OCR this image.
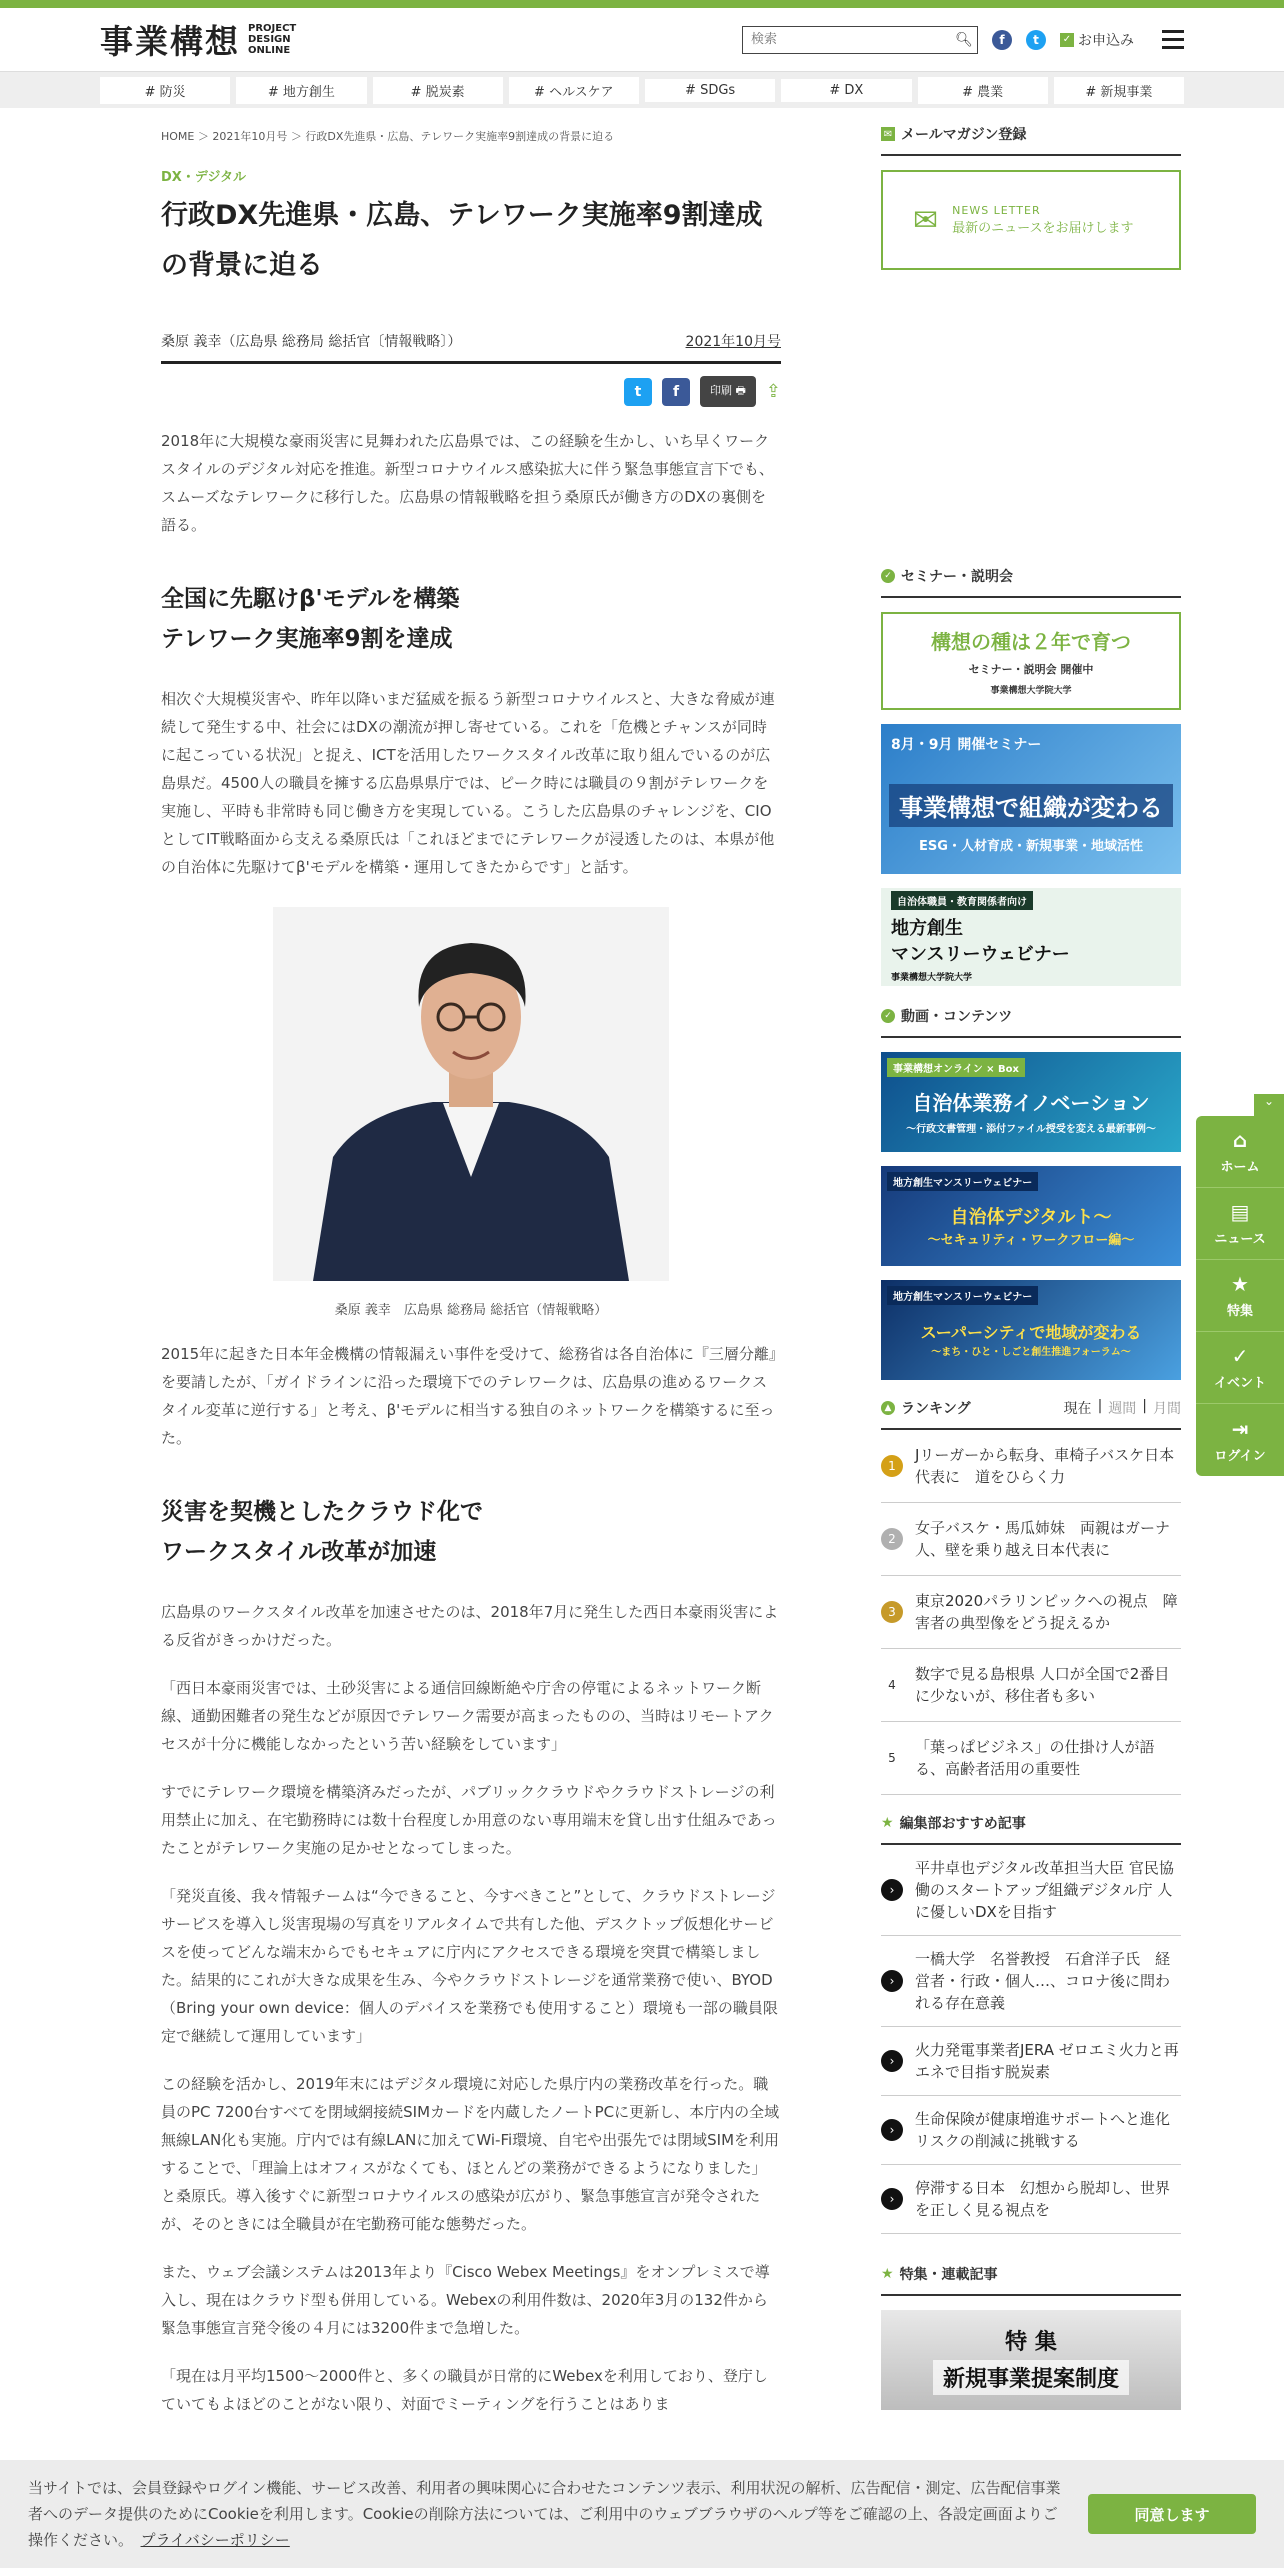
事業構想 PROJECT
DESIGN
ONLINE
検索
🔍︎	f	t	✓ お申込み
# 防災	# 地方創生	# 脱炭素	# ヘルスケア	# SDGs	# DX	# 農業	# 新規事業
HOME ＞ 2021年10月号 ＞ 行政DX先進県・広島、テレワーク実施率9割達成の背景に迫る
DX・デジタル
行政DX先進県・広島、テレワーク実施率9割達成の背景に迫る
桑原 義幸（広島県 総務局 総括官〔情報戦略〕）	2021年10月号
t	f	印刷 🖶	⇪

2018年に大規模な豪雨災害に見舞われた広島県では、この経験を生かし、いち早くワークスタイルのデジタル対応を推進。新型コロナウイルス感染拡大に伴う緊急事態宣言下でも、スムーズなテレワークに移行した。広島県の情報戦略を担う桑原氏が働き方のDXの裏側を語る。

全国に先駆けβ'モデルを構築
テレワーク実施率9割を達成

相次ぐ大規模災害や、昨年以降いまだ猛威を振るう新型コロナウイルスと、大きな脅威が連続して発生する中、社会にはDXの潮流が押し寄せている。これを「危機とチャンスが同時に起こっている状況」と捉え、ICTを活用したワークスタイル改革に取り組んでいるのが広島県だ。4500人の職員を擁する広島県県庁では、ピーク時には職員の９割がテレワークを実施し、平時も非常時も同じ働き方を実現している。こうした広島県のチャレンジを、CIOとしてIT戦略面から支える桑原氏は「これほどまでにテレワークが浸透したのは、本県が他の自治体に先駆けてβ'モデルを構築・運用してきたからです」と話す。

桑原 義幸　広島県 総務局 総括官（情報戦略）

2015年に起きた日本年金機構の情報漏えい事件を受けて、総務省は各自治体に『三層分離』を要請したが、「ガイドラインに沿った環境下でのテレワークは、広島県の進めるワークスタイル変革に逆行する」と考え、β'モデルに相当する独自のネットワークを構築するに至った。

災害を契機としたクラウド化で
ワークスタイル改革が加速

広島県のワークスタイル改革を加速させたのは、2018年7月に発生した西日本豪雨災害による反省がきっかけだった。

「西日本豪雨災害では、土砂災害による通信回線断絶や庁舎の停電によるネットワーク断線、通勤困難者の発生などが原因でテレワーク需要が高まったものの、当時はリモートアクセスが十分に機能しなかったという苦い経験をしています」

すでにテレワーク環境を構築済みだったが、パブリッククラウドやクラウドストレージの利用禁止に加え、在宅勤務時には数十台程度しか用意のない専用端末を貸し出す仕組みであったことがテレワーク実施の足かせとなってしまった。

「発災直後、我々情報チームは“今できること、今すべきこと”として、クラウドストレージサービスを導入し災害現場の写真をリアルタイムで共有した他、デスクトップ仮想化サービスを使ってどんな端末からでもセキュアに庁内にアクセスできる環境を突貫で構築しました。結果的にこれが大きな成果を生み、今やクラウドストレージを通常業務で使い、BYOD（Bring your own device：個人のデバイスを業務でも使用すること）環境も一部の職員限定で継続して運用しています」

この経験を活かし、2019年末にはデジタル環境に対応した県庁内の業務改革を行った。職員のPC 7200台すべてを閉域網接続SIMカードを内蔵したノートPCに更新し、本庁内の全域無線LAN化も実施。庁内では有線LANに加えてWi-Fi環境、自宅や出張先では閉域SIMを利用することで、「理論上はオフィスがなくても、ほとんどの業務ができるようになりました」と桑原氏。導入後すぐに新型コロナウイルスの感染が広がり、緊急事態宣言が発令されたが、そのときには全職員が在宅勤務可能な態勢だった。

また、ウェブ会議システムは2013年より『Cisco Webex Meetings』をオンプレミスで導入し、現在はクラウド型も併用している。Webexの利用件数は、2020年3月の132件から緊急事態宣言発令後の４月には3200件まで急増した。

「現在は月平均1500～2000件と、多くの職員が日常的にWebexを利用しており、登庁していてもよほどのことがない限り、対面でミーティングを行うことはありま

✉ メールマガジン登録
✉ NEWS LETTER
最新のニュースをお届けします
✓ セミナー・説明会
構想の種は２年で育つ
セミナー・説明会 開催中
事業構想大学院大学
8月・9月 開催セミナー
事業構想で組織が変わる
ESG・人材育成・新規事業・地域活性
自治体職員・教育関係者向け
地方創生
マンスリーウェビナー
事業構想大学院大学
✓ 動画・コンテンツ
事業構想オンライン × Box
自治体業務イノベーション
～行政文書管理・添付ファイル授受を変える最新事例～
地方創生マンスリーウェビナー
自治体デジタルト〜
～セキュリティ・ワークフロー編～
地方創生マンスリーウェビナー
スーパーシティで地域が変わる
～まち・ひと・しごと創生推進フォーラム～
▲ ランキング	現在 | 週間 | 月間
1
Jリーガーから転身、車椅子バスケ日本代表に　道をひらく力
2
女子バスケ・馬瓜姉妹　両親はガーナ人、壁を乗り越え日本代表に
3
東京2020パラリンピックへの視点　障害者の典型像をどう捉えるか
4
数字で見る島根県 人口が全国で2番目に少ないが、移住者も多い
5
「葉っぱビジネス」の仕掛け人が語る、高齢者活用の重要性
★ 編集部おすすめ記事
›
平井卓也デジタル改革担当大臣 官民協働のスタートアップ組織デジタル庁 人に優しいDXを目指す
›
一橋大学　名誉教授　石倉洋子氏　経営者・行政・個人…、コロナ後に問われる存在意義
›
火力発電事業者JERA ゼロエミ火力と再エネで目指す脱炭素
›
生命保険が健康増進サポートへと進化 リスクの削減に挑戦する
›
停滞する日本　幻想から脱却し、世界を正しく見る視点を
★ 特集・連載記事
特 集
新規事業提案制度
⌄
⌂
ホーム
▤
ニュース
★
特集
✓
イベント
⇥
ログイン
当サイトでは、会員登録やログイン機能、サービス改善、利用者の興味関心に合わせたコンテンツ表示、利用状況の解析、広告配信・測定、広告配信事業者へのデータ提供のためにCookieを利用します。Cookieの削除方法については、ご利用中のウェブブラウザのヘルプ等をご確認の上、各設定画面よりご操作ください。　 プライバシーポリシー
同意します
